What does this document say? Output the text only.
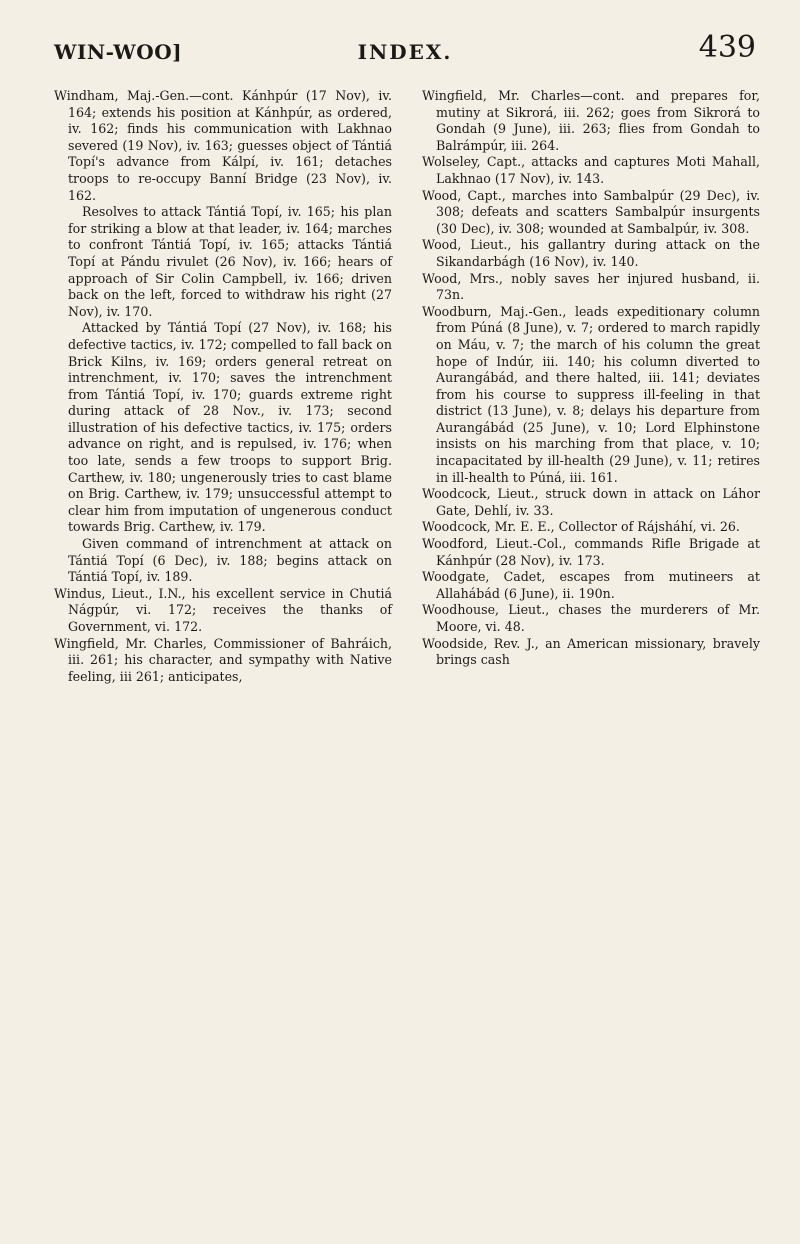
WIN-WOO]	INDEX.	439

Windham, Maj.-Gen.—cont. Kánhpúr (17 Nov), iv. 164; extends his position at Kánhpúr, as ordered, iv. 162; finds his communication with Lakhnao severed (19 Nov), iv. 163; guesses object of Tántiá Topí's advance from Kálpí, iv. 161; detaches troops to re-occupy Banní Bridge (23 Nov), iv. 162.

Resolves to attack Tántiá Topí, iv. 165; his plan for striking a blow at that leader, iv. 164; marches to confront Tántiá Topí, iv. 165; attacks Tántiá Topí at Pándu rivulet (26 Nov), iv. 166; hears of approach of Sir Colin Campbell, iv. 166; driven back on the left, forced to withdraw his right (27 Nov), iv. 170.

Attacked by Tántiá Topí (27 Nov), iv. 168; his defective tactics, iv. 172; compelled to fall back on Brick Kilns, iv. 169; orders general retreat on intrenchment, iv. 170; saves the intrenchment from Tántiá Topí, iv. 170; guards extreme right during attack of 28 Nov., iv. 173; second illustration of his defective tactics, iv. 175; orders advance on right, and is repulsed, iv. 176; when too late, sends a few troops to support Brig. Carthew, iv. 180; ungenerously tries to cast blame on Brig. Carthew, iv. 179; unsuccessful attempt to clear him from imputation of ungenerous conduct towards Brig. Carthew, iv. 179.

Given command of intrenchment at attack on Tántiá Topí (6 Dec), iv. 188; begins attack on Tántiá Topí, iv. 189.

Windus, Lieut., I.N., his excellent service in Chutiá Nágpúr, vi. 172; receives the thanks of Government, vi. 172.

Wingfield, Mr. Charles, Commissioner of Bahráich, iii. 261; his character, and sympathy with Native feeling, iii 261; anticipates,

Wingfield, Mr. Charles—cont. and prepares for, mutiny at Sikrorá, iii. 262; goes from Sikrorá to Gondah (9 June), iii. 263; flies from Gondah to Balrámpúr, iii. 264.

Wolseley, Capt., attacks and captures Moti Mahall, Lakhnao (17 Nov), iv. 143.

Wood, Capt., marches into Sambalpúr (29 Dec), iv. 308; defeats and scatters Sambalpúr insurgents (30 Dec), iv. 308; wounded at Sambalpúr, iv. 308.

Wood, Lieut., his gallantry during attack on the Sikandarbágh (16 Nov), iv. 140.

Wood, Mrs., nobly saves her injured husband, ii. 73n.

Woodburn, Maj.-Gen., leads expeditionary column from Púná (8 June), v. 7; ordered to march rapidly on Máu, v. 7; the march of his column the great hope of Indúr, iii. 140; his column diverted to Aurangábád, and there halted, iii. 141; deviates from his course to suppress ill-feeling in that district (13 June), v. 8; delays his departure from Aurangábád (25 June), v. 10; Lord Elphinstone insists on his marching from that place, v. 10; incapacitated by ill-health (29 June), v. 11; retires in ill-health to Púná, iii. 161.

Woodcock, Lieut., struck down in attack on Láhor Gate, Dehlí, iv. 33.

Woodcock, Mr. E. E., Collector of Rájsháhí, vi. 26.

Woodford, Lieut.-Col., commands Rifle Brigade at Kánhpúr (28 Nov), iv. 173.

Woodgate, Cadet, escapes from mutineers at Allahábád (6 June), ii. 190n.

Woodhouse, Lieut., chases the murderers of Mr. Moore, vi. 48.

Woodside, Rev. J., an American missionary, bravely brings cash
